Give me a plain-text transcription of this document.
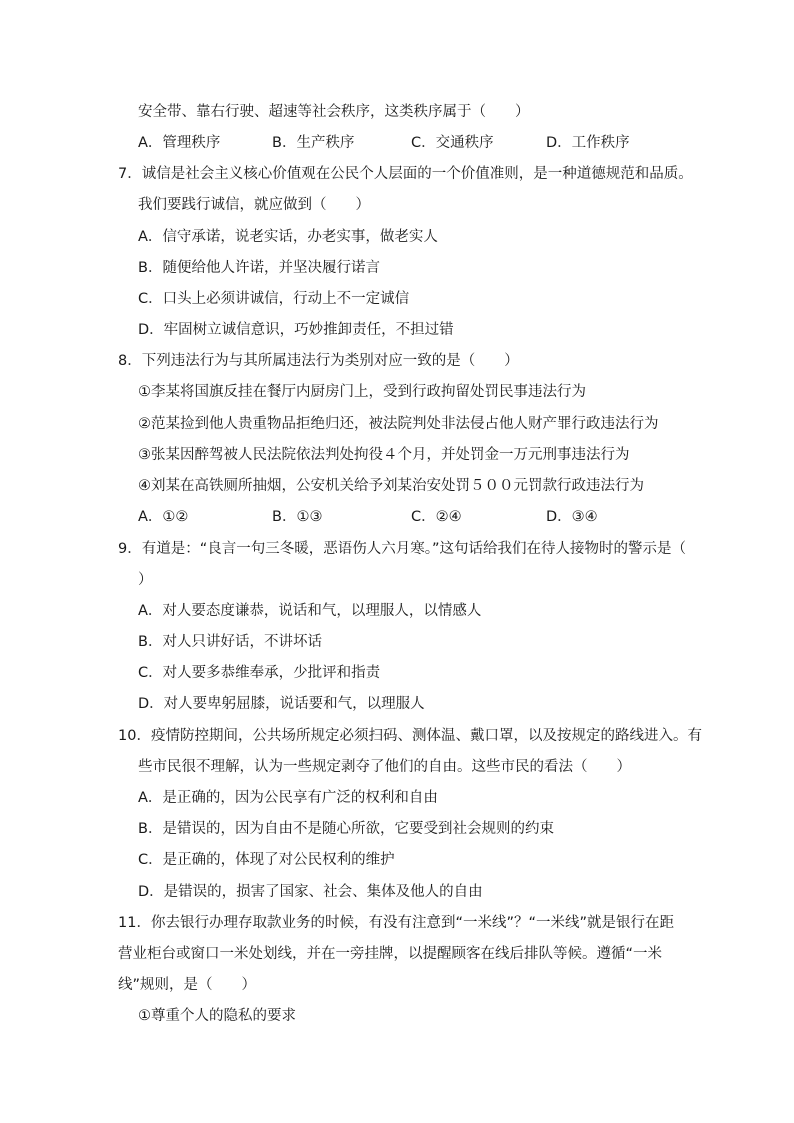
安全带、靠右行驶、超速等社会秩序，这类秩序属于（　　）
A．管理秩序	B．生产秩序	C．交通秩序	D．工作秩序
7．诚信是社会主义核心价值观在公民个人层面的一个价值准则，是一种道德规范和品质。
我们要践行诚信，就应做到（　　）
A．信守承诺，说老实话，办老实事，做老实人
B．随便给他人许诺，并坚决履行诺言
C．口头上必须讲诚信，行动上不一定诚信
D．牢固树立诚信意识，巧妙推卸责任，不担过错
8．下列违法行为与其所属违法行为类别对应一致的是（　　）
①李某将国旗反挂在餐厅内厨房门上，受到行政拘留处罚民事违法行为
②范某捡到他人贵重物品拒绝归还，被法院判处非法侵占他人财产罪行政违法行为
③张某因醉驾被人民法院依法判处拘役４个月，并处罚金一万元刑事违法行为
④刘某在高铁厕所抽烟，公安机关给予刘某治安处罚５００元罚款行政违法行为
A．①②	B．①③	C．②④	D．③④
9．有道是：“良言一句三冬暖，恶语伤人六月寒。”这句话给我们在待人接物时的警示是（
）
A．对人要态度谦恭，说话和气，以理服人，以情感人
B．对人只讲好话，不讲坏话
C．对人要多恭维奉承，少批评和指责
D．对人要卑躬屈膝，说话要和气，以理服人
10．疫情防控期间，公共场所规定必须扫码、测体温、戴口罩，以及按规定的路线进入。有
些市民很不理解，认为一些规定剥夺了他们的自由。这些市民的看法（　　）
A．是正确的，因为公民享有广泛的权利和自由
B．是错误的，因为自由不是随心所欲，它要受到社会规则的约束
C．是正确的，体现了对公民权利的维护
D．是错误的，损害了国家、社会、集体及他人的自由
11．你去银行办理存取款业务的时候，有没有注意到“一米线”？“一米线”就是银行在距
营业柜台或窗口一米处划线，并在一旁挂牌，以提醒顾客在线后排队等候。遵循“一米
线”规则，是（　　）
①尊重个人的隐私的要求
